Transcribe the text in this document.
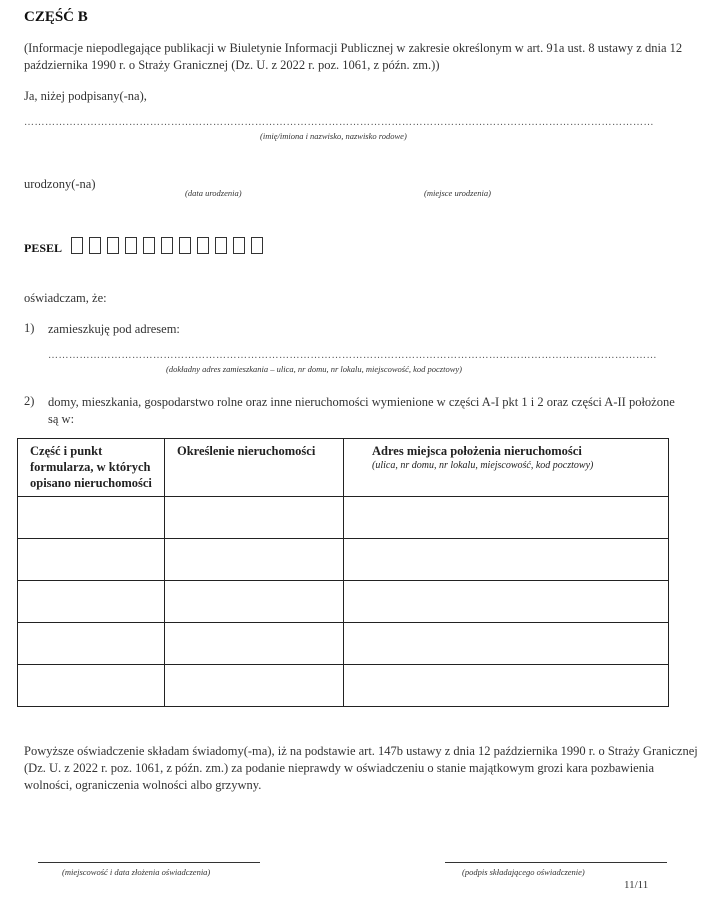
CZĘŚĆ B
(Informacje niepodlegające publikacji w Biuletynie Informacji Publicznej w zakresie określonym w art. 91a ust. 8 ustawy z dnia 12 października 1990 r. o Straży Granicznej (Dz. U. z 2022 r. poz. 1061, z późn. zm.))
Ja, niżej podpisany(-na),
………………………………………………………………………………………………………………………………………………………………
(imię/imiona i nazwisko, nazwisko rodowe)
urodzony(-na)
(data urodzenia)	(miejsce urodzenia)
PESEL
oświadczam, że:
1) zamieszkuję pod adresem:
…………………………………………………………………………………………………………………………………………………………
(dokładny adres zamieszkania – ulica, nr domu, nr lokalu, miejscowość, kod pocztowy)
2) domy, mieszkania, gospodarstwo rolne oraz inne nieruchomości wymienione w części A-I pkt 1 i 2 oraz części A-II położone są w:
Część i punkt formularza, w których opisano nieruchomości	Określenie nieruchomości	Adres miejsca położenia nieruchomości
(ulica, nr domu, nr lokalu, miejscowość, kod pocztowy)

Powyższe oświadczenie składam świadomy(-ma), iż na podstawie art. 147b ustawy z dnia 12 października 1990 r. o Straży Granicznej (Dz. U. z 2022 r. poz. 1061, z późn. zm.) za podanie nieprawdy w oświadczeniu o stanie majątkowym grozi kara pozbawienia wolności, ograniczenia wolności albo grzywny.
(miejscowość i data złożenia oświadczenia)	(podpis składającego oświadczenie)
11/11
